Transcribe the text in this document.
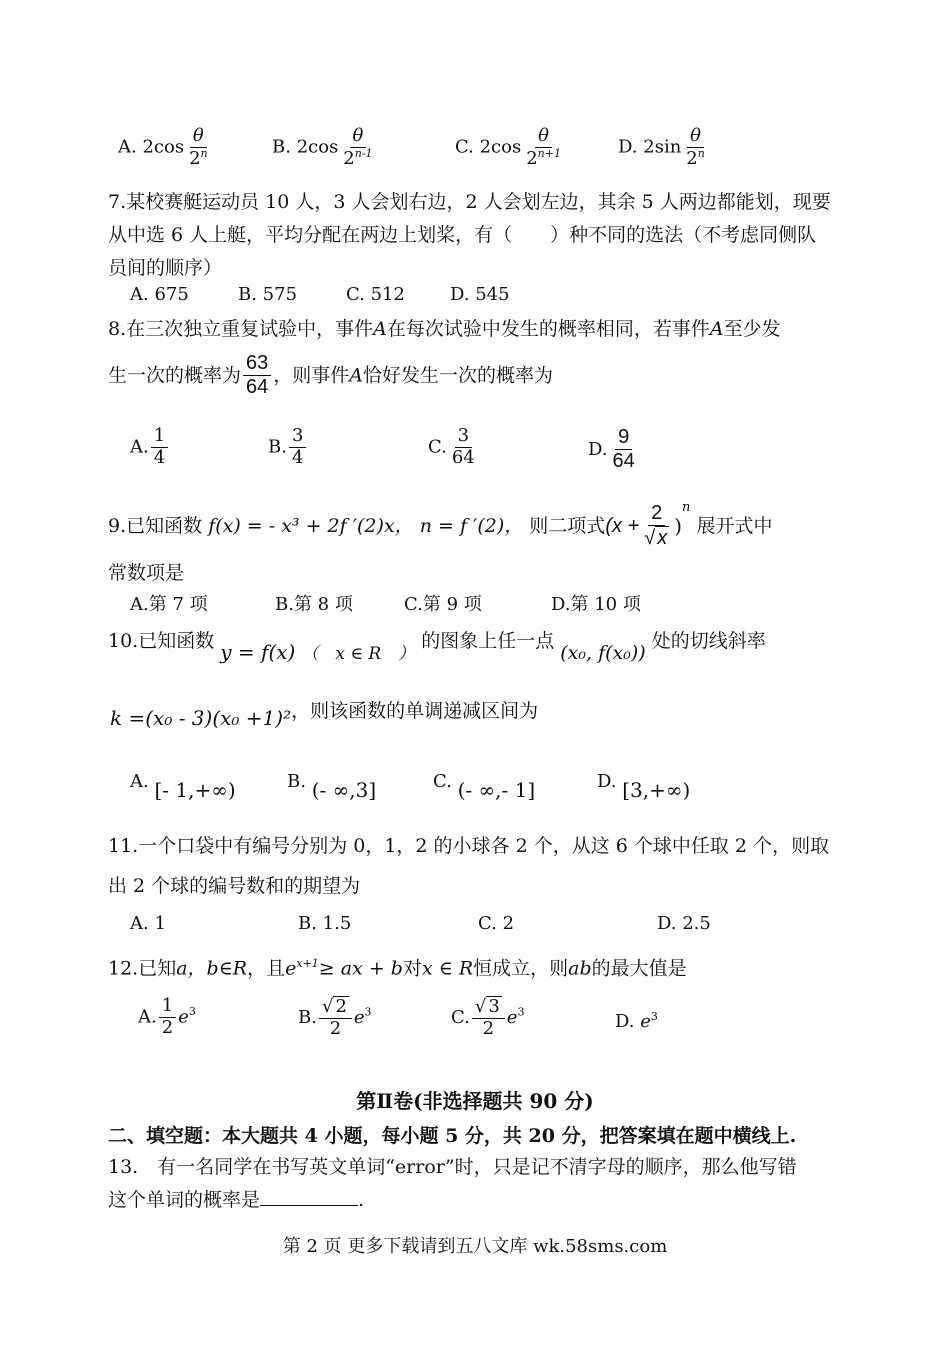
A. $2\cos \frac{\theta}{2^n}$	B. $2\cos \frac{\theta}{2^{n-1}}$	C. $2\cos \frac{\theta}{2^{n+1}}$	D. $2\sin \frac{\theta}{2^n}$
7.某校赛艇运动员 10 人，3 人会划右边，2 人会划左边，其余 5 人两边都能划，现要
从中选 6 人上艇，平均分配在两边上划桨，有（　　）种不同的选法（不考虑同侧队
员间的顺序）
A. 675	B. 575	C. 512	D. 545
8.在三次独立重复试验中，事件A在每次试验中发生的概率相同，若事件A至少发
生一次的概率为 $\frac{63}{64}$ ，则事件A恰好发生一次的概率为
A. $\frac{1}{4}$	B. $\frac{3}{4}$	C. $\frac{3}{64}$	D. $\frac{9}{64}$
9.已知函数 f(x) = - x³ + 2f ′(2)x， n = f ′(2)， 则二项式$(x + \frac{2}{√ x} )^n$ 展开式中
常数项是
A.第 7 项	B.第 8 项	C.第 9 项	D.第 10 项
10.已知函数 y = f(x) （　x ∈ R　） 的图象上任一点 (x₀, f(x₀)) 处的切线斜率
k =(x₀ - 3)(x₀ +1)²，则该函数的单调递减区间为
A. [- 1,+∞)	B. (- ∞,3]	C. (- ∞,- 1]	D. [3,+∞)
11.一个口袋中有编号分别为 0，1，2 的小球各 2 个，从这 6 个球中任取 2 个，则取
出 2 个球的编号数和的期望为
A. 1	B. 1.5	C. 2	D. 2.5
12.已知a，b∈R，且$e^{x+1}\ge$ ax + b对x ∈ R恒成立，则ab的最大值是
A. $\frac{1}{2} e^3$	B. $\frac{√ 2}{2} e^3$	C. $\frac{√ 3}{2} e^3$	D. $e^3$
第Ⅱ卷(非选择题共 90 分)
二、填空题：本大题共 4 小题，每小题 5 分，共 20 分，把答案填在题中横线上.
13.　有一名同学在书写英文单词“error”时，只是记不清字母的顺序，那么他写错
这个单词的概率是	.
第 2 页 更多下载请到五八文库 wk.58sms.com
